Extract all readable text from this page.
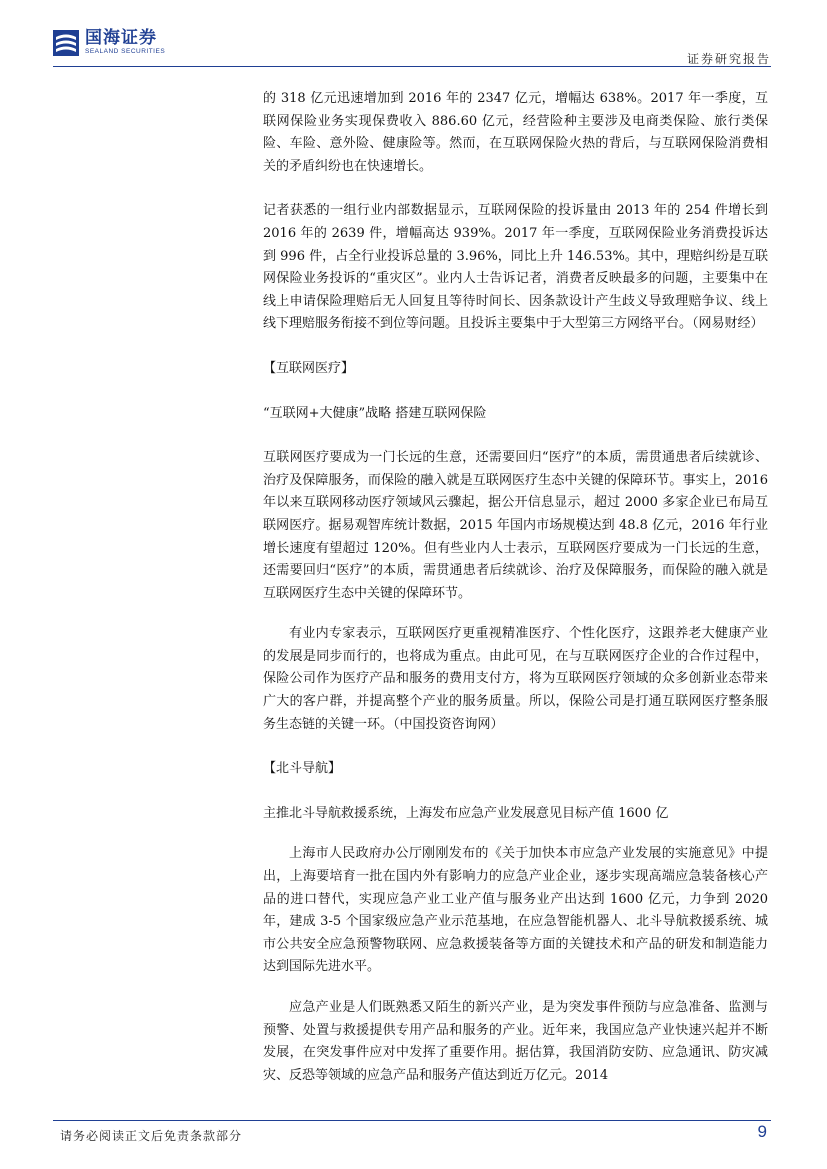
国海证券
SEALAND SECURITIES
证券研究报告

的 318 亿元迅速增加到 2016 年的 2347 亿元，增幅达 638%。2017 年一季度，互联网保险业务实现保费收入 886.60 亿元，经营险种主要涉及电商类保险、旅行类保险、车险、意外险、健康险等。然而，在互联网保险火热的背后，与互联网保险消费相关的矛盾纠纷也在快速增长。

记者获悉的一组行业内部数据显示，互联网保险的投诉量由 2013 年的 254 件增长到 2016 年的 2639 件，增幅高达 939%。2017 年一季度，互联网保险业务消费投诉达到 996 件，占全行业投诉总量的 3.96%，同比上升 146.53%。其中，理赔纠纷是互联网保险业务投诉的“重灾区”。业内人士告诉记者，消费者反映最多的问题，主要集中在线上申请保险理赔后无人回复且等待时间长、因条款设计产生歧义导致理赔争议、线上线下理赔服务衔接不到位等问题。且投诉主要集中于大型第三方网络平台。（网易财经）

【互联网医疗】

“互联网+大健康”战略 搭建互联网保险

互联网医疗要成为一门长远的生意，还需要回归“医疗”的本质，需贯通患者后续就诊、治疗及保障服务，而保险的融入就是互联网医疗生态中关键的保障环节。事实上，2016 年以来互联网移动医疗领域风云骤起，据公开信息显示，超过 2000 多家企业已布局互联网医疗。据易观智库统计数据，2015 年国内市场规模达到 48.8 亿元，2016 年行业增长速度有望超过 120%。但有些业内人士表示，互联网医疗要成为一门长远的生意，还需要回归“医疗”的本质，需贯通患者后续就诊、治疗及保障服务，而保险的融入就是互联网医疗生态中关键的保障环节。

有业内专家表示，互联网医疗更重视精准医疗、个性化医疗，这跟养老大健康产业的发展是同步而行的，也将成为重点。由此可见，在与互联网医疗企业的合作过程中，保险公司作为医疗产品和服务的费用支付方，将为互联网医疗领域的众多创新业态带来广大的客户群，并提高整个产业的服务质量。所以，保险公司是打通互联网医疗整条服务生态链的关键一环。（中国投资咨询网）

【北斗导航】

主推北斗导航救援系统，上海发布应急产业发展意见目标产值 1600 亿

上海市人民政府办公厅刚刚发布的《关于加快本市应急产业发展的实施意见》中提出，上海要培育一批在国内外有影响力的应急产业企业，逐步实现高端应急装备核心产品的进口替代，实现应急产业工业产值与服务业产出达到 1600 亿元，力争到 2020 年，建成 3-5 个国家级应急产业示范基地，在应急智能机器人、北斗导航救援系统、城市公共安全应急预警物联网、应急救援装备等方面的关键技术和产品的研发和制造能力达到国际先进水平。

应急产业是人们既熟悉又陌生的新兴产业，是为突发事件预防与应急准备、监测与预警、处置与救援提供专用产品和服务的产业。近年来，我国应急产业快速兴起并不断发展，在突发事件应对中发挥了重要作用。据估算，我国消防安防、应急通讯、防灾减灾、反恐等领域的应急产品和服务产值达到近万亿元。2014

请务必阅读正文后免责条款部分	9
